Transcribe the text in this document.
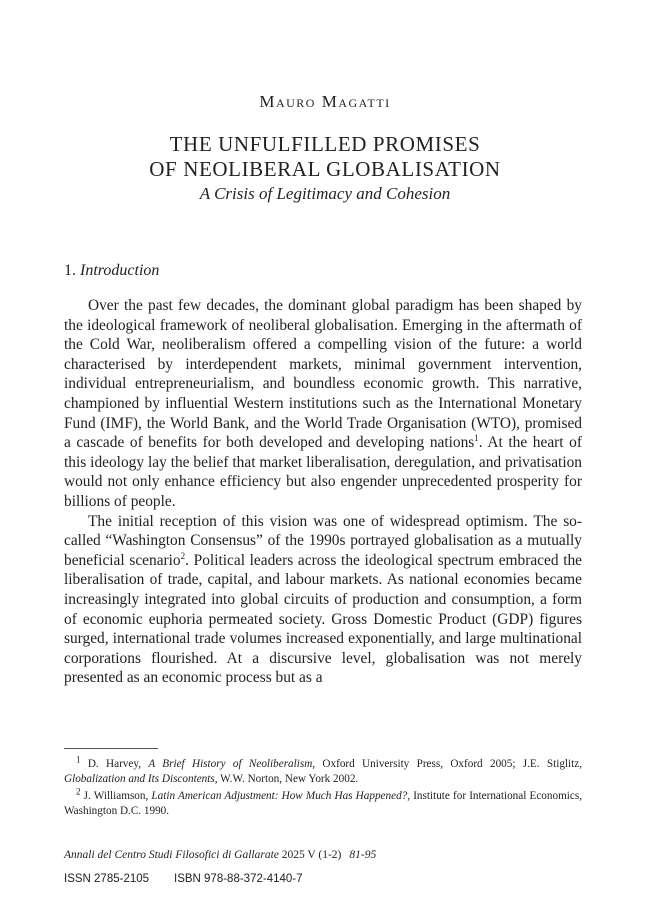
Mauro Magatti
THE UNFULFILLED PROMISES
OF NEOLIBERAL GLOBALISATION
A Crisis of Legitimacy and Cohesion
1. Introduction

Over the past few decades, the dominant global paradigm has been shaped by the ideological framework of neoliberal globalisation. Emerging in the aftermath of the Cold War, neoliberalism offered a compelling vision of the future: a world characterised by interdependent markets, minimal government intervention, individual entrepreneurialism, and boundless economic growth. This narrative, championed by influential Western institutions such as the International Monetary Fund (IMF), the World Bank, and the World Trade Organisation (WTO), promised a cascade of benefits for both developed and developing nations$^1$. At the heart of this ideology lay the belief that market liberalisation, deregulation, and privatisation would not only enhance efficiency but also engender unprecedented prosperity for billions of people.

The initial reception of this vision was one of widespread optimism. The so-called “Washington Consensus” of the 1990s portrayed globalisation as a mutually beneficial scenario$^2$. Political leaders across the ideological spectrum embraced the liberalisation of trade, capital, and labour markets. As national economies became increasingly integrated into global circuits of production and consumption, a form of economic euphoria permeated society. Gross Domestic Product (GDP) figures surged, international trade volumes increased exponentially, and large multinational corporations flourished. At a discursive level, globalisation was not merely presented as an economic process but as a

$^1$ D. Harvey, A Brief History of Neoliberalism, Oxford University Press, Oxford 2005; J.E. Stiglitz, Globalization and Its Discontents, W.W. Norton, New York 2002.

$^2$ J. Williamson, Latin American Adjustment: How Much Has Happened?, Institute for International Economics, Washington D.C. 1990.

Annali del Centro Studi Filosofici di Gallarate 2025 V (1-2) 81-95
ISSN 2785-2105 ISBN 978-88-372-4140-7
